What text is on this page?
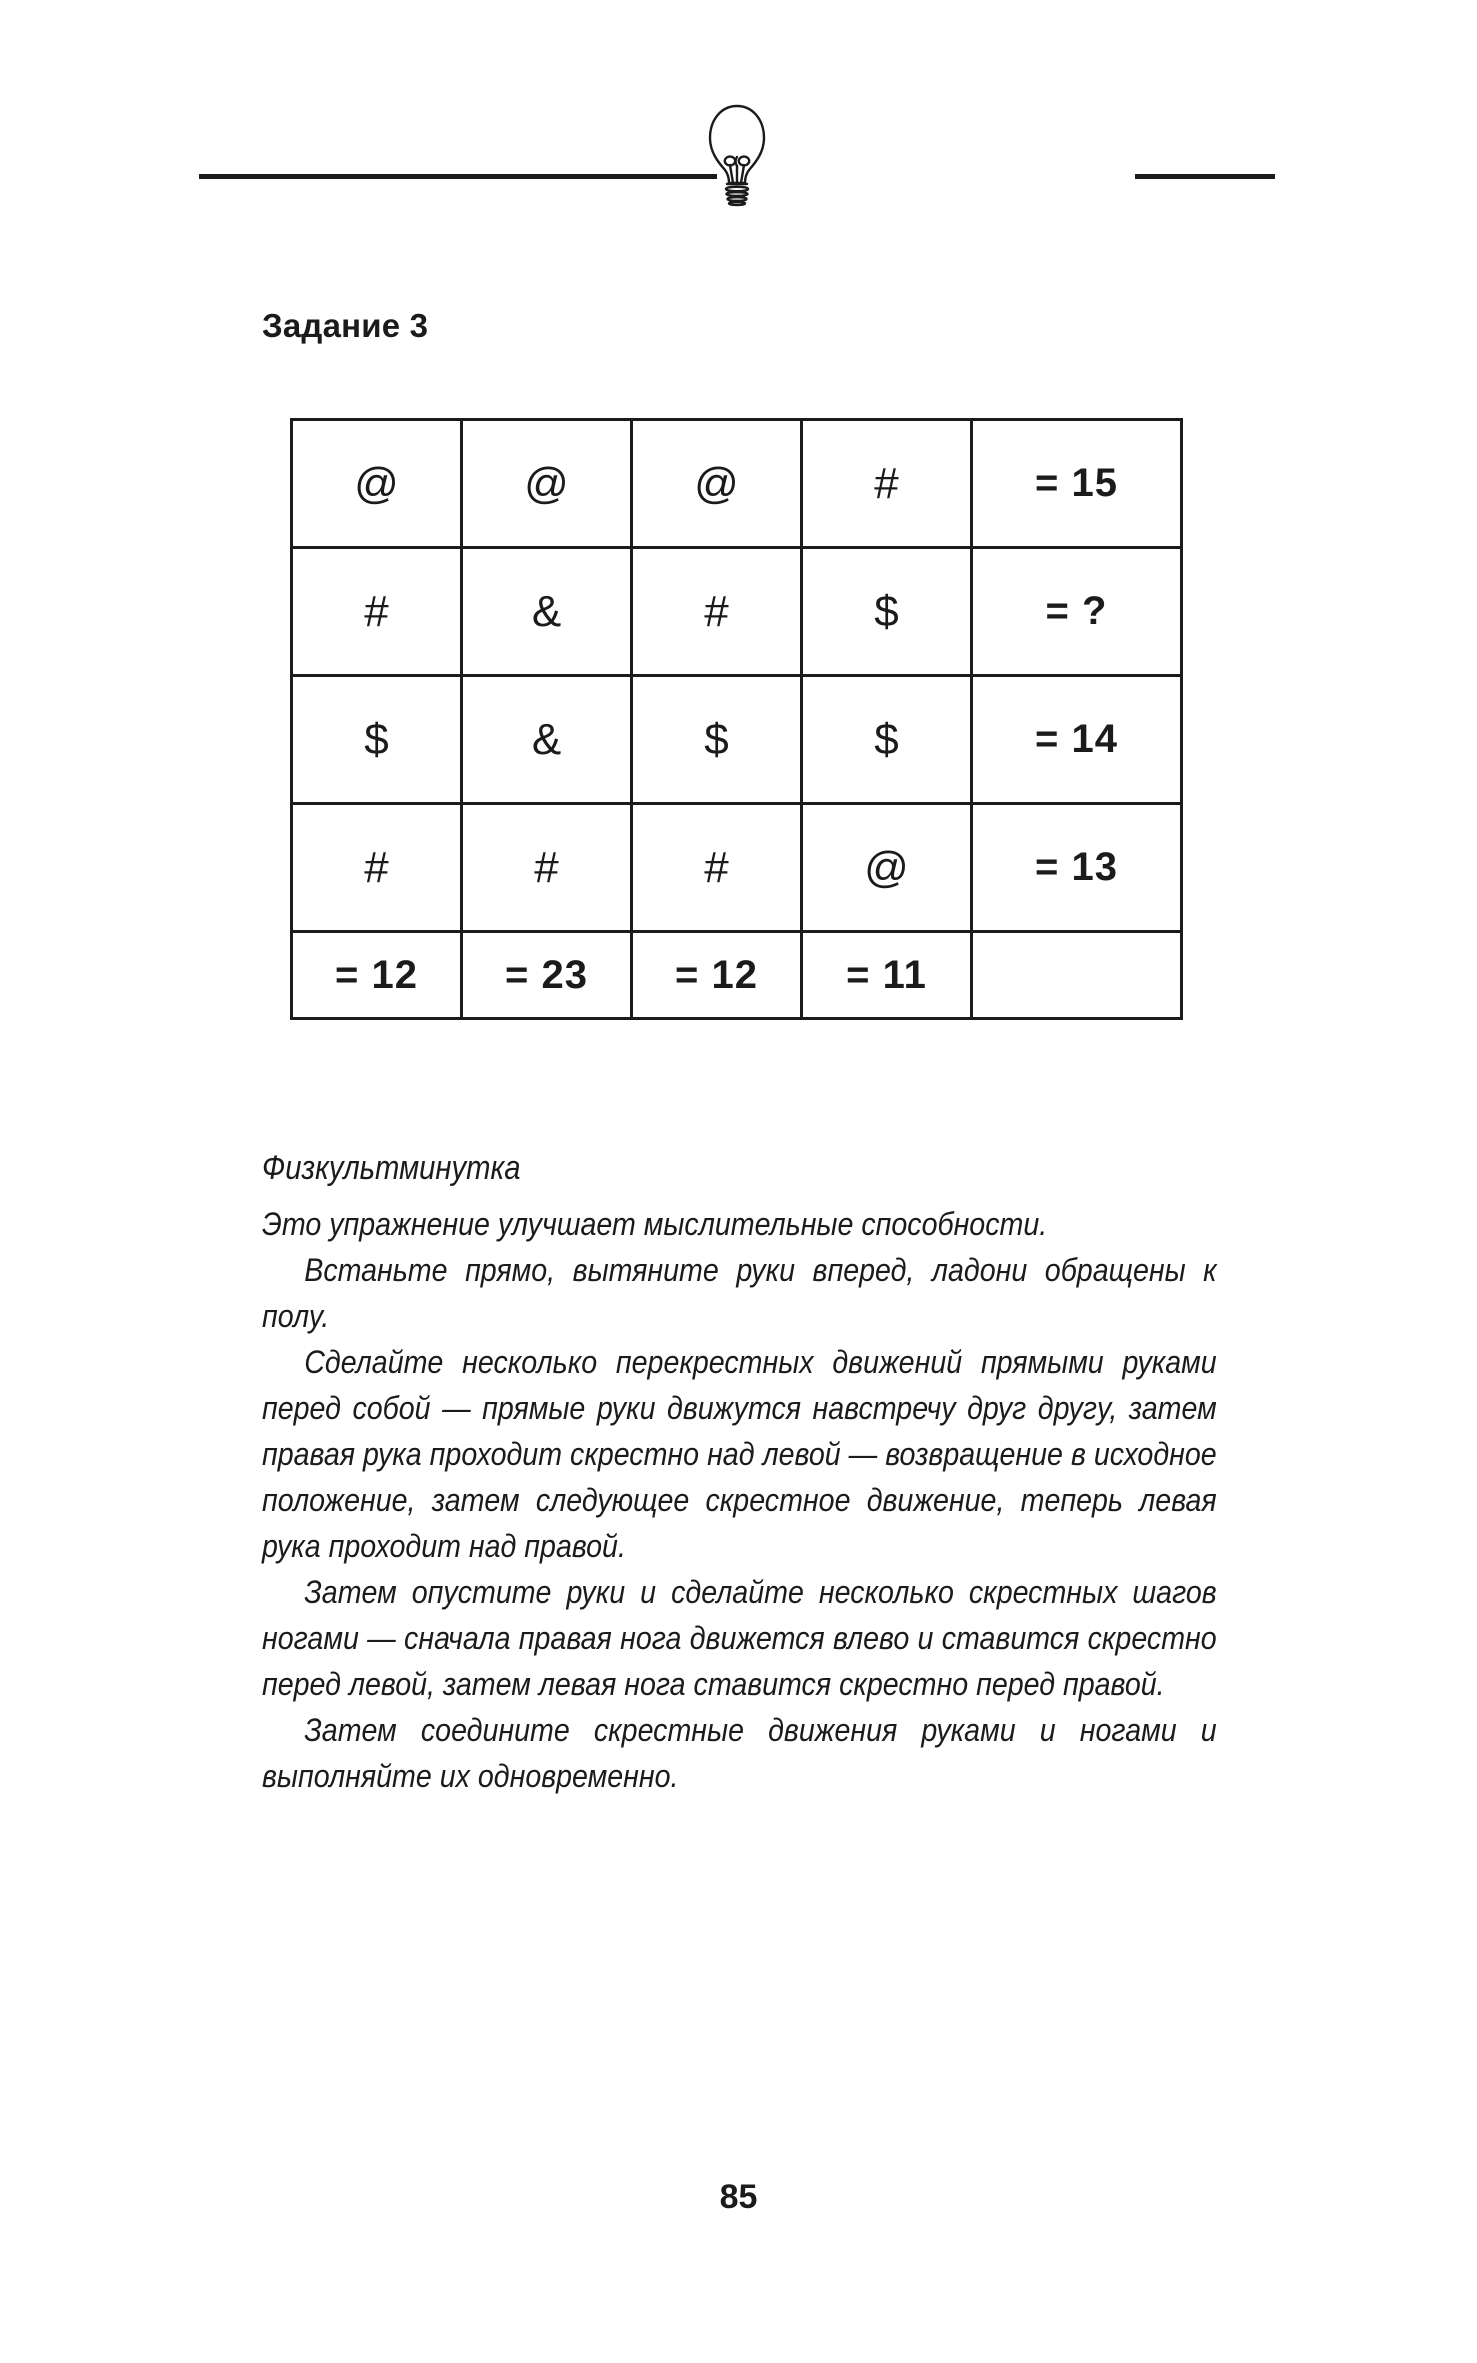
Задание 3
@	@	@	#	= 15
#	&	#	$	= ?
$	&	$	$	= 14
#	#	#	@	= 13
= 12	= 23	= 12	= 11	
Физкультминутка

Это упражнение улучшает мыслительные способности.

Встаньте прямо, вытяните руки вперед, ладони обращены к полу.

Сделайте несколько перекрестных движений прямыми руками перед собой — прямые руки движутся навстречу друг другу, затем правая рука проходит скрестно над левой — возвращение в исходное положение, затем следующее скрестное движение, теперь левая рука проходит над правой.

Затем опустите руки и сделайте несколько скрестных шагов ногами — сначала правая нога движется влево и ставится скрестно перед левой, затем левая нога ставится скрестно перед правой.

Затем соедините скрестные движения руками и ногами и выполняйте их одновременно.

85
